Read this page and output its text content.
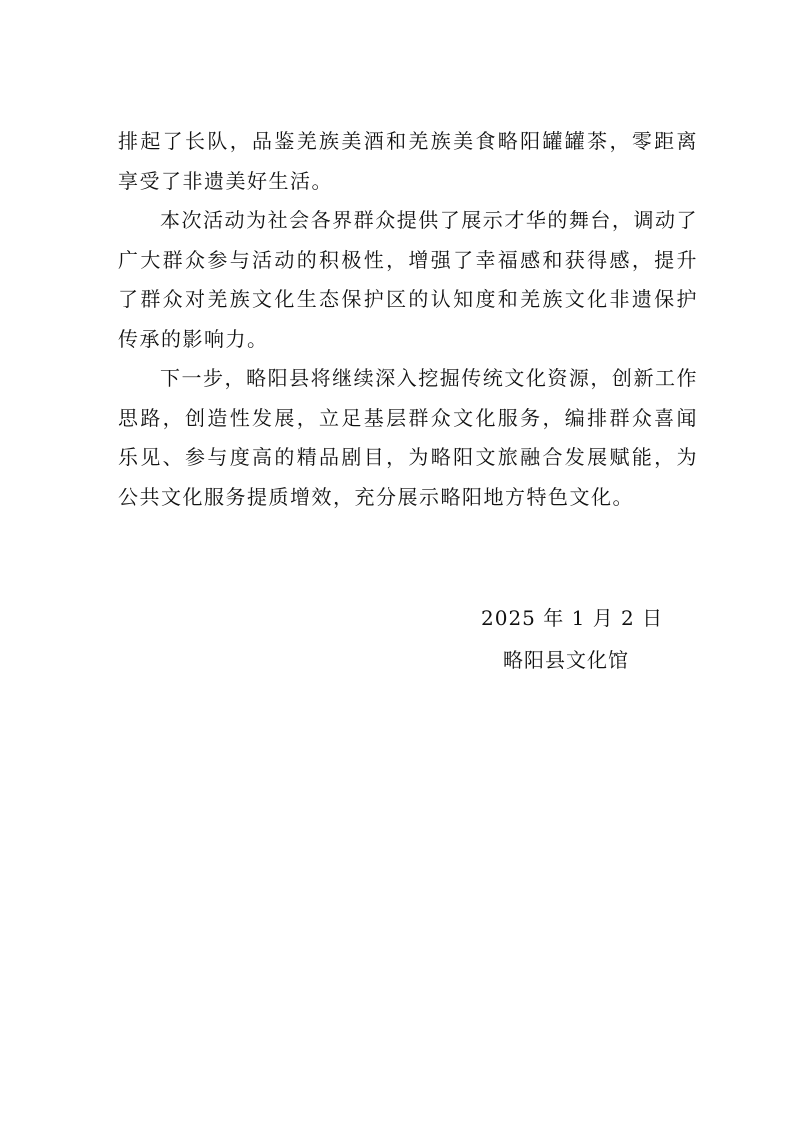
排起了长队，品鉴羌族美酒和羌族美食略阳罐罐茶，零距离享受了非遗美好生活。

本次活动为社会各界群众提供了展示才华的舞台，调动了广大群众参与活动的积极性，增强了幸福感和获得感，提升了群众对羌族文化生态保护区的认知度和羌族文化非遗保护传承的影响力。

下一步，略阳县将继续深入挖掘传统文化资源，创新工作思路，创造性发展，立足基层群众文化服务，编排群众喜闻乐见、参与度高的精品剧目，为略阳文旅融合发展赋能，为公共文化服务提质增效，充分展示略阳地方特色文化。

2025 年 1 月 2 日
略阳县文化馆
